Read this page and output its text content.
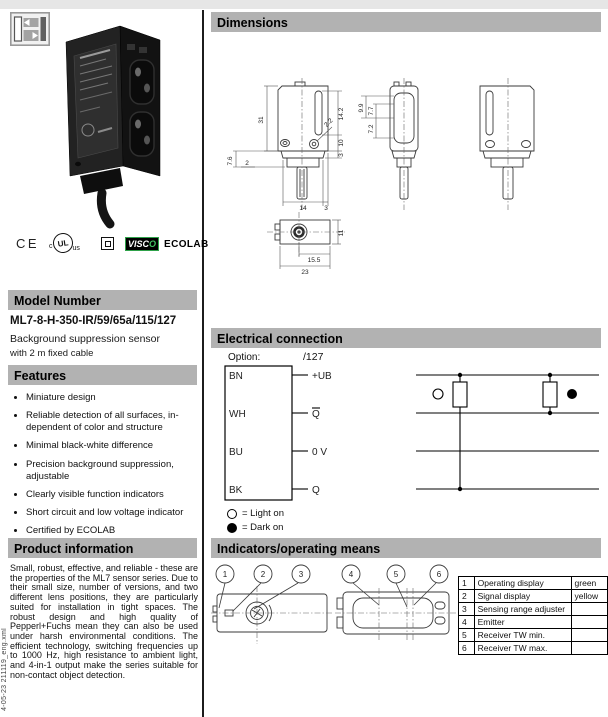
CE c UL us	VISCO ECOLAB
Model Number
ML7-8-H-350-IR/59/65a/115/127
Background suppression sensor
with 2 m fixed cable
Features
• Miniature design
• Reliable detection of all surfaces, in-
dependent of color and structure
• Minimal black-white difference
• Precision background suppression,
adjustable
• Clearly visible function indicators
• Short circuit and low voltage indicator
• Certified by ECOLAB
Product information
Small, robust, effective, and reliable - these are the properties of the ML7 sensor series. Due to their small size, number of versions, and two different lens positions, they are particularly suited for installation in tight spaces. The robust design and high quality of Pepperl+Fuchs mean they can also be used under harsh environmental conditions. The efficient technology, switching frequencies up to 1000 Hz, high resistance to ambient light, and 4-in-1 output make the series suitable for non-contact object detection.
4-05-23 211119_eng.xml
Dimensions
31
7.6 2
14.2
10
3
14	3
2.2
9.9 7.7
7.2
15.5
23
11
Electrical connection
Option:	/127
BN
WH
BU
BK
+UB
Q
0 V
Q
= Light on
= Dark on
Indicators/operating means
1	2	3	4	5	6
1	Operating display	green
2	Signal display	yellow
3	Sensing range adjuster	
4	Emitter	
5	Receiver TW min.	
6	Receiver TW max.	
